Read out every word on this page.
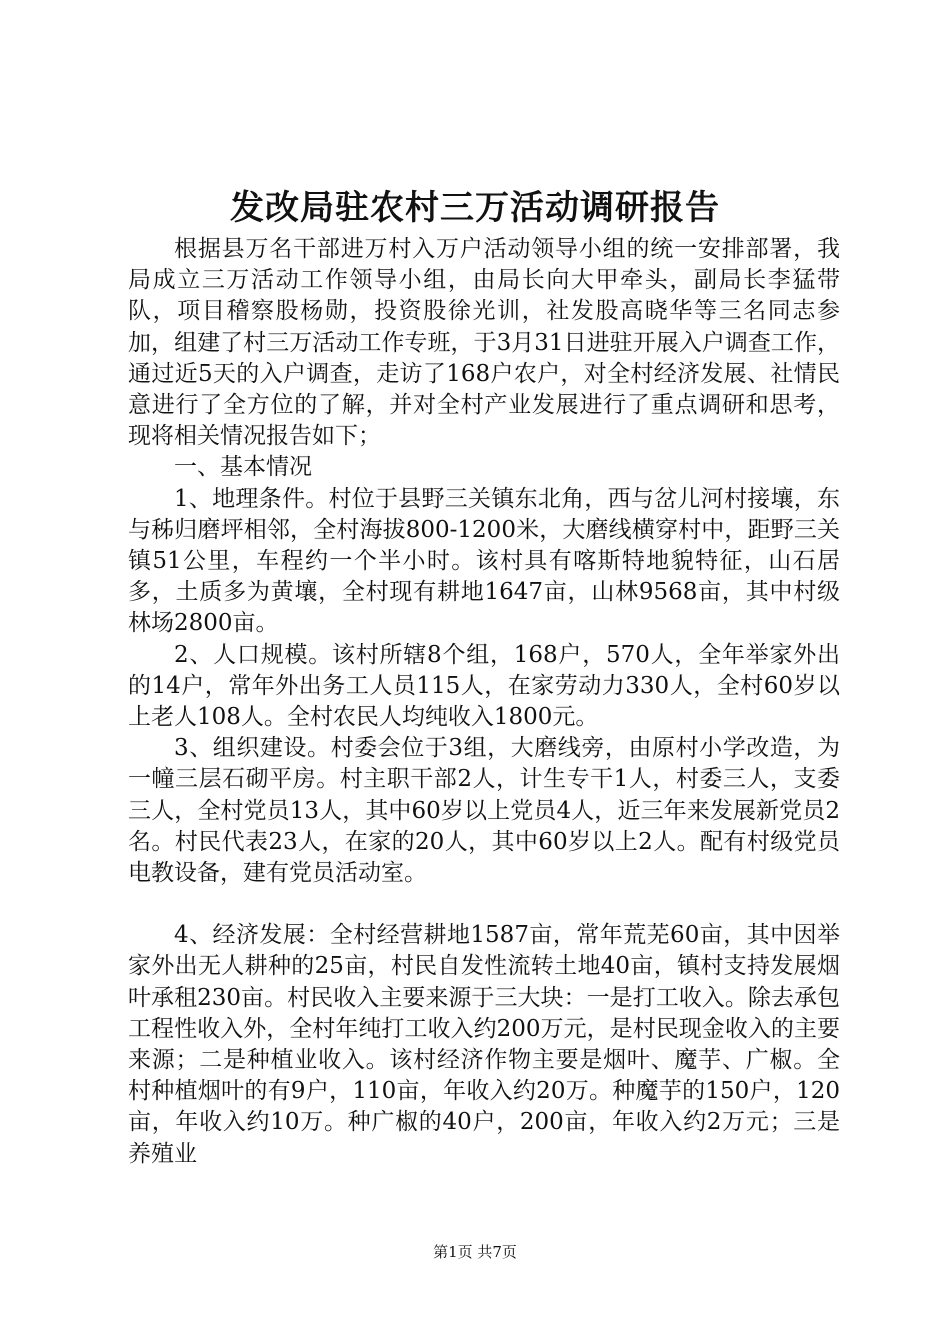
发改局驻农村三万活动调研报告

根据县万名干部进万村入万户活动领导小组的统一安排部署，我局成立三万活动工作领导小组，由局长向大甲牵头，副局长李猛带队，项目稽察股杨勋，投资股徐光训，社发股高晓华等三名同志参加，组建了村三万活动工作专班，于3月31日进驻开展入户调查工作，通过近5天的入户调查，走访了168户农户，对全村经济发展、社情民意进行了全方位的了解，并对全村产业发展进行了重点调研和思考，现将相关情况报告如下；

一、基本情况

1、地理条件。村位于县野三关镇东北角，西与岔儿河村接壤，东与秭归磨坪相邻，全村海拔800-1200米，大磨线横穿村中，距野三关镇51公里，车程约一个半小时。该村具有喀斯特地貌特征，山石居多，土质多为黄壤，全村现有耕地1647亩，山林9568亩，其中村级林场2800亩。

2、人口规模。该村所辖8个组，168户，570人，全年举家外出的14户，常年外出务工人员115人，在家劳动力330人，全村60岁以上老人108人。全村农民人均纯收入1800元。

3、组织建设。村委会位于3组，大磨线旁，由原村小学改造，为一幢三层石砌平房。村主职干部2人，计生专干1人，村委三人，支委三人，全村党员13人，其中60岁以上党员4人，近三年来发展新党员2名。村民代表23人，在家的20人，其中60岁以上2人。配有村级党员电教设备，建有党员活动室。

4、经济发展：全村经营耕地1587亩，常年荒芜60亩，其中因举家外出无人耕种的25亩，村民自发性流转土地40亩，镇村支持发展烟叶承租230亩。村民收入主要来源于三大块：一是打工收入。除去承包工程性收入外，全村年纯打工收入约200万元，是村民现金收入的主要来源；二是种植业收入。该村经济作物主要是烟叶、魔芋、广椒。全村种植烟叶的有9户，110亩，年收入约20万。种魔芋的150户，120亩，年收入约10万。种广椒的40户，200亩，年收入约2万元；三是养殖业

第1页 共7页
